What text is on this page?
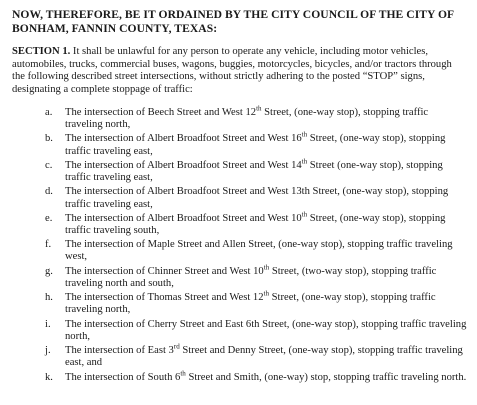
NOW, THEREFORE, BE IT ORDAINED BY THE CITY COUNCIL OF THE CITY OF
BONHAM, FANNIN COUNTY, TEXAS:

SECTION 1. It shall be unlawful for any person to operate any vehicle, including motor vehicles, automobiles, trucks, commercial buses, wagons, buggies, motorcycles, bicycles, and/or tractors through the following described street intersections, without strictly adhering to the posted “STOP” signs, designating a complete stoppage of traffic:

a. The intersection of Beech Street and West 12th Street, (one-way stop), stopping traffic traveling north,
b. The intersection of Albert Broadfoot Street and West 16th Street, (one-way stop), stopping traffic traveling east,
c. The intersection of Albert Broadfoot Street and West 14th Street (one-way stop), stopping traffic traveling east,
d. The intersection of Albert Broadfoot Street and West 13th Street, (one-way stop), stopping traffic traveling east,
e. The intersection of Albert Broadfoot Street and West 10th Street, (one-way stop), stopping traffic traveling south,
f. The intersection of Maple Street and Allen Street, (one-way stop), stopping traffic traveling west,
g. The intersection of Chinner Street and West 10th Street, (two-way stop), stopping traffic traveling north and south,
h. The intersection of Thomas Street and West 12th Street, (one-way stop), stopping traffic traveling north,
i. The intersection of Cherry Street and East 6th Street, (one-way stop), stopping traffic traveling north,
j. The intersection of East 3rd Street and Denny Street, (one-way stop), stopping traffic traveling east, and
k. The intersection of South 6th Street and Smith, (one-way) stop, stopping traffic traveling north.
